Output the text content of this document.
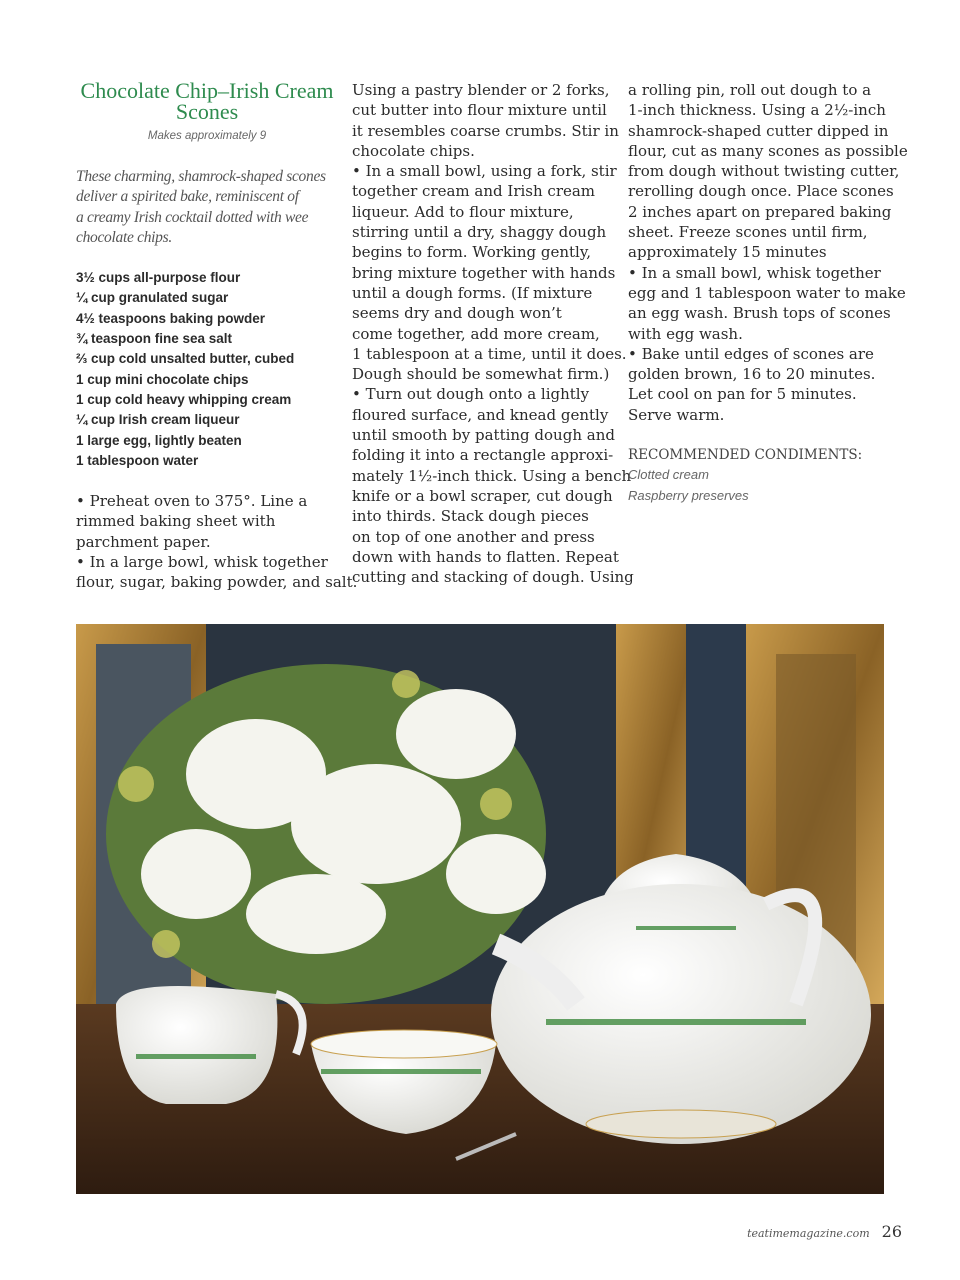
Chocolate Chip–Irish Cream
Scones
Makes approximately 9
These charming, shamrock-shaped scones
deliver a spirited bake, reminiscent of
a creamy Irish cocktail dotted with wee
chocolate chips.
3½ cups all-purpose flour
¼ cup granulated sugar
4½ teaspoons baking powder
¾ teaspoon fine sea salt
⅔ cup cold unsalted butter, cubed
1 cup mini chocolate chips
1 cup cold heavy whipping cream
¼ cup Irish cream liqueur
1 large egg, lightly beaten
1 tablespoon water
• Preheat oven to 375°. Line a
rimmed baking sheet with
parchment paper.
• In a large bowl, whisk together
flour, sugar, baking powder, and salt.
Using a pastry blender or 2 forks,
cut butter into flour mixture until
it resembles coarse crumbs. Stir in
chocolate chips.
• In a small bowl, using a fork, stir
together cream and Irish cream
liqueur. Add to flour mixture,
stirring until a dry, shaggy dough
begins to form. Working gently,
bring mixture together with hands
until a dough forms. (If mixture
seems dry and dough won’t
come together, add more cream,
1 tablespoon at a time, until it does.
Dough should be somewhat firm.)
• Turn out dough onto a lightly
floured surface, and knead gently
until smooth by patting dough and
folding it into a rectangle approxi-
mately 1½-inch thick. Using a bench
knife or a bowl scraper, cut dough
into thirds. Stack dough pieces
on top of one another and press
down with hands to flatten. Repeat
cutting and stacking of dough. Using
a rolling pin, roll out dough to a
1-inch thickness. Using a 2½-inch
shamrock-shaped cutter dipped in
flour, cut as many scones as possible
from dough without twisting cutter,
rerolling dough once. Place scones
2 inches apart on prepared baking
sheet. Freeze scones until firm,
approximately 15 minutes
• In a small bowl, whisk together
egg and 1 tablespoon water to make
an egg wash. Brush tops of scones
with egg wash.
• Bake until edges of scones are
golden brown, 16 to 20 minutes.
Let cool on pan for 5 minutes.
Serve warm.
RECOMMENDED CONDIMENTS:
Clotted cream
Raspberry preserves
teatimemagazine.com 26
